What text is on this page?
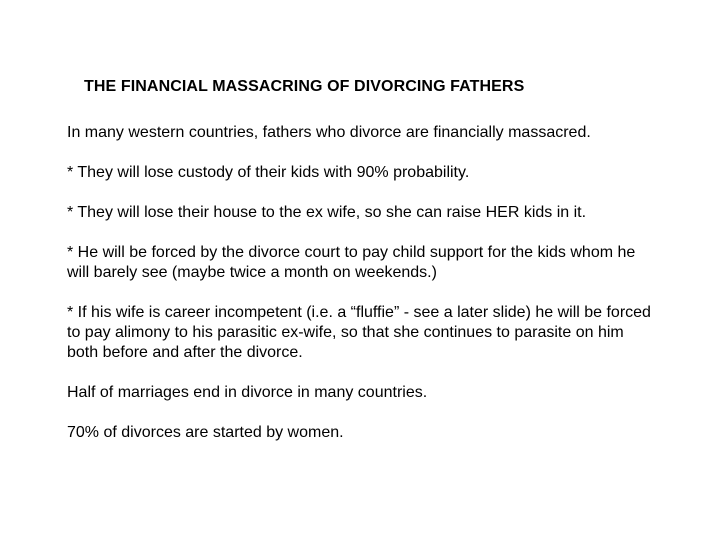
THE FINANCIAL MASSACRING OF DIVORCING FATHERS

In many western countries, fathers who divorce are financially massacred.

* They will lose custody of their kids with 90% probability.

* They will lose their house to the ex wife, so she can raise HER kids in it.

* He will be forced by the divorce court to pay child support for the kids whom he will barely see (maybe twice a month on weekends.)

* If his wife is career incompetent (i.e. a “fluffie” - see a later slide) he will be forced to pay alimony to his parasitic ex-wife, so that she continues to parasite on him both before and after the divorce.

Half of marriages end in divorce in many countries.

70% of divorces are started by women.
